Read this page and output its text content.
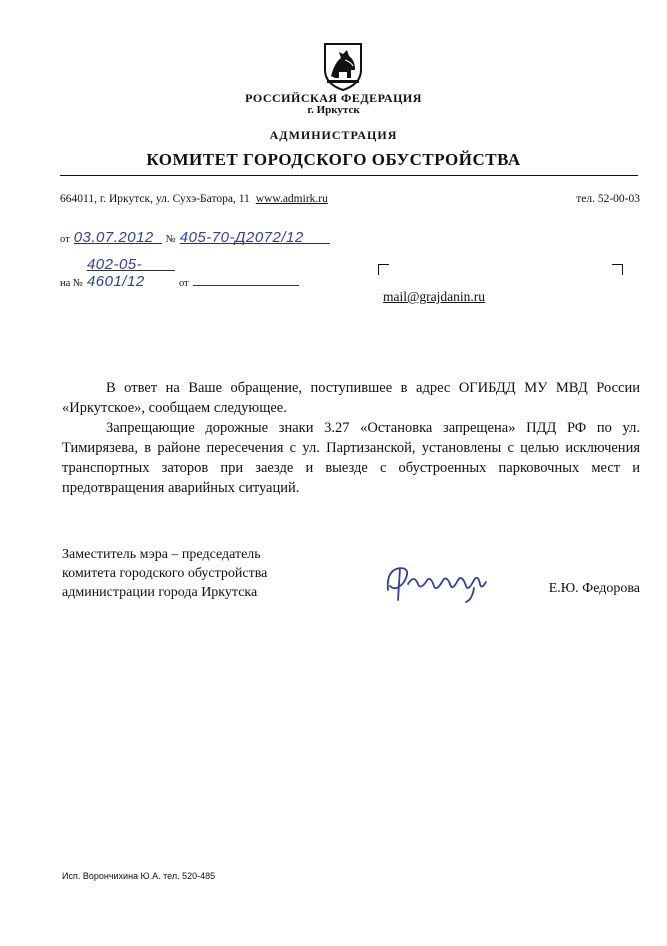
РОССИЙСКАЯ ФЕДЕРАЦИЯ
г. Иркутск
АДМИНИСТРАЦИЯ
КОМИТЕТ ГОРОДСКОГО ОБУСТРОЙСТВА
664011, г. Иркутск, ул. Сухэ-Батора, 11 www.admirk.ru	тел. 52-00-03
от 03.07.2012 № 405-70-Д2072/12
на № 402-05-4601/12	от
mail@grajdanin.ru

В ответ на Ваше обращение, поступившее в адрес ОГИБДД МУ МВД России «Иркутское», сообщаем следующее.

Запрещающие дорожные знаки 3.27 «Остановка запрещена» ПДД РФ по ул. Тимирязева, в районе пересечения с ул. Партизанской, установлены с целью исключения транспортных заторов при заезде и выезде с обустроенных парковочных мест и предотвращения аварийных ситуаций.

Заместитель мэра – председатель
комитета городского обустройства
администрации города Иркутска	Е.Ю. Федорова
Исп. Ворончихина Ю.А. тел. 520-485
